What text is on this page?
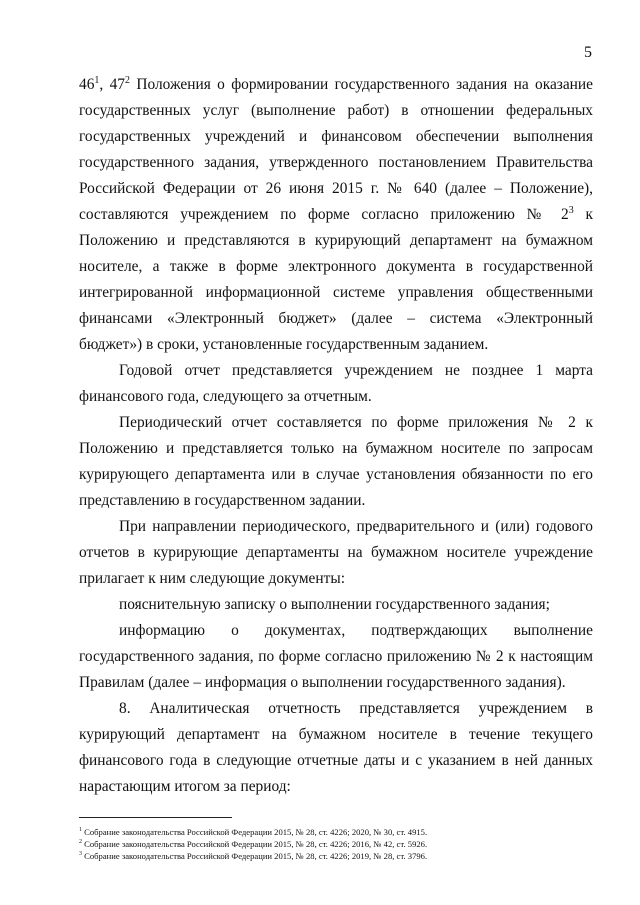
5

$46^1$, $47^2$ Положения о формировании государственного задания на оказание государственных услуг (выполнение работ) в отношении федеральных государственных учреждений и финансовом обеспечении выполнения государственного задания, утвержденного постановлением Правительства Российской Федерации от 26 июня 2015 г. № 640 (далее – Положение), составляются учреждением по форме согласно приложению № $2^3$ к Положению и представляются в курирующий департамент на бумажном носителе, а также в форме электронного документа в государственной интегрированной информационной системе управления общественными финансами «Электронный бюджет» (далее – система «Электронный бюджет») в сроки, установленные государственным заданием.

Годовой отчет представляется учреждением не позднее 1 марта финансового года, следующего за отчетным.

Периодический отчет составляется по форме приложения № 2 к Положению и представляется только на бумажном носителе по запросам курирующего департамента или в случае установления обязанности по его представлению в государственном задании.

При направлении периодического, предварительного и (или) годового отчетов в курирующие департаменты на бумажном носителе учреждение прилагает к ним следующие документы:

пояснительную записку о выполнении государственного задания;

информацию о документах, подтверждающих выполнение государственного задания, по форме согласно приложению № 2 к настоящим Правилам (далее – информация о выполнении государственного задания).

8. Аналитическая отчетность представляется учреждением в курирующий департамент на бумажном носителе в течение текущего финансового года в следующие отчетные даты и с указанием в ней данных нарастающим итогом за период:

$^1$ Собрание законодательства Российской Федерации 2015, № 28, ст. 4226; 2020, № 30, ст. 4915.
$^2$ Собрание законодательства Российской Федерации 2015, № 28, ст. 4226; 2016, № 42, ст. 5926.
$^3$ Собрание законодательства Российской Федерации 2015, № 28, ст. 4226; 2019, № 28, ст. 3796.
